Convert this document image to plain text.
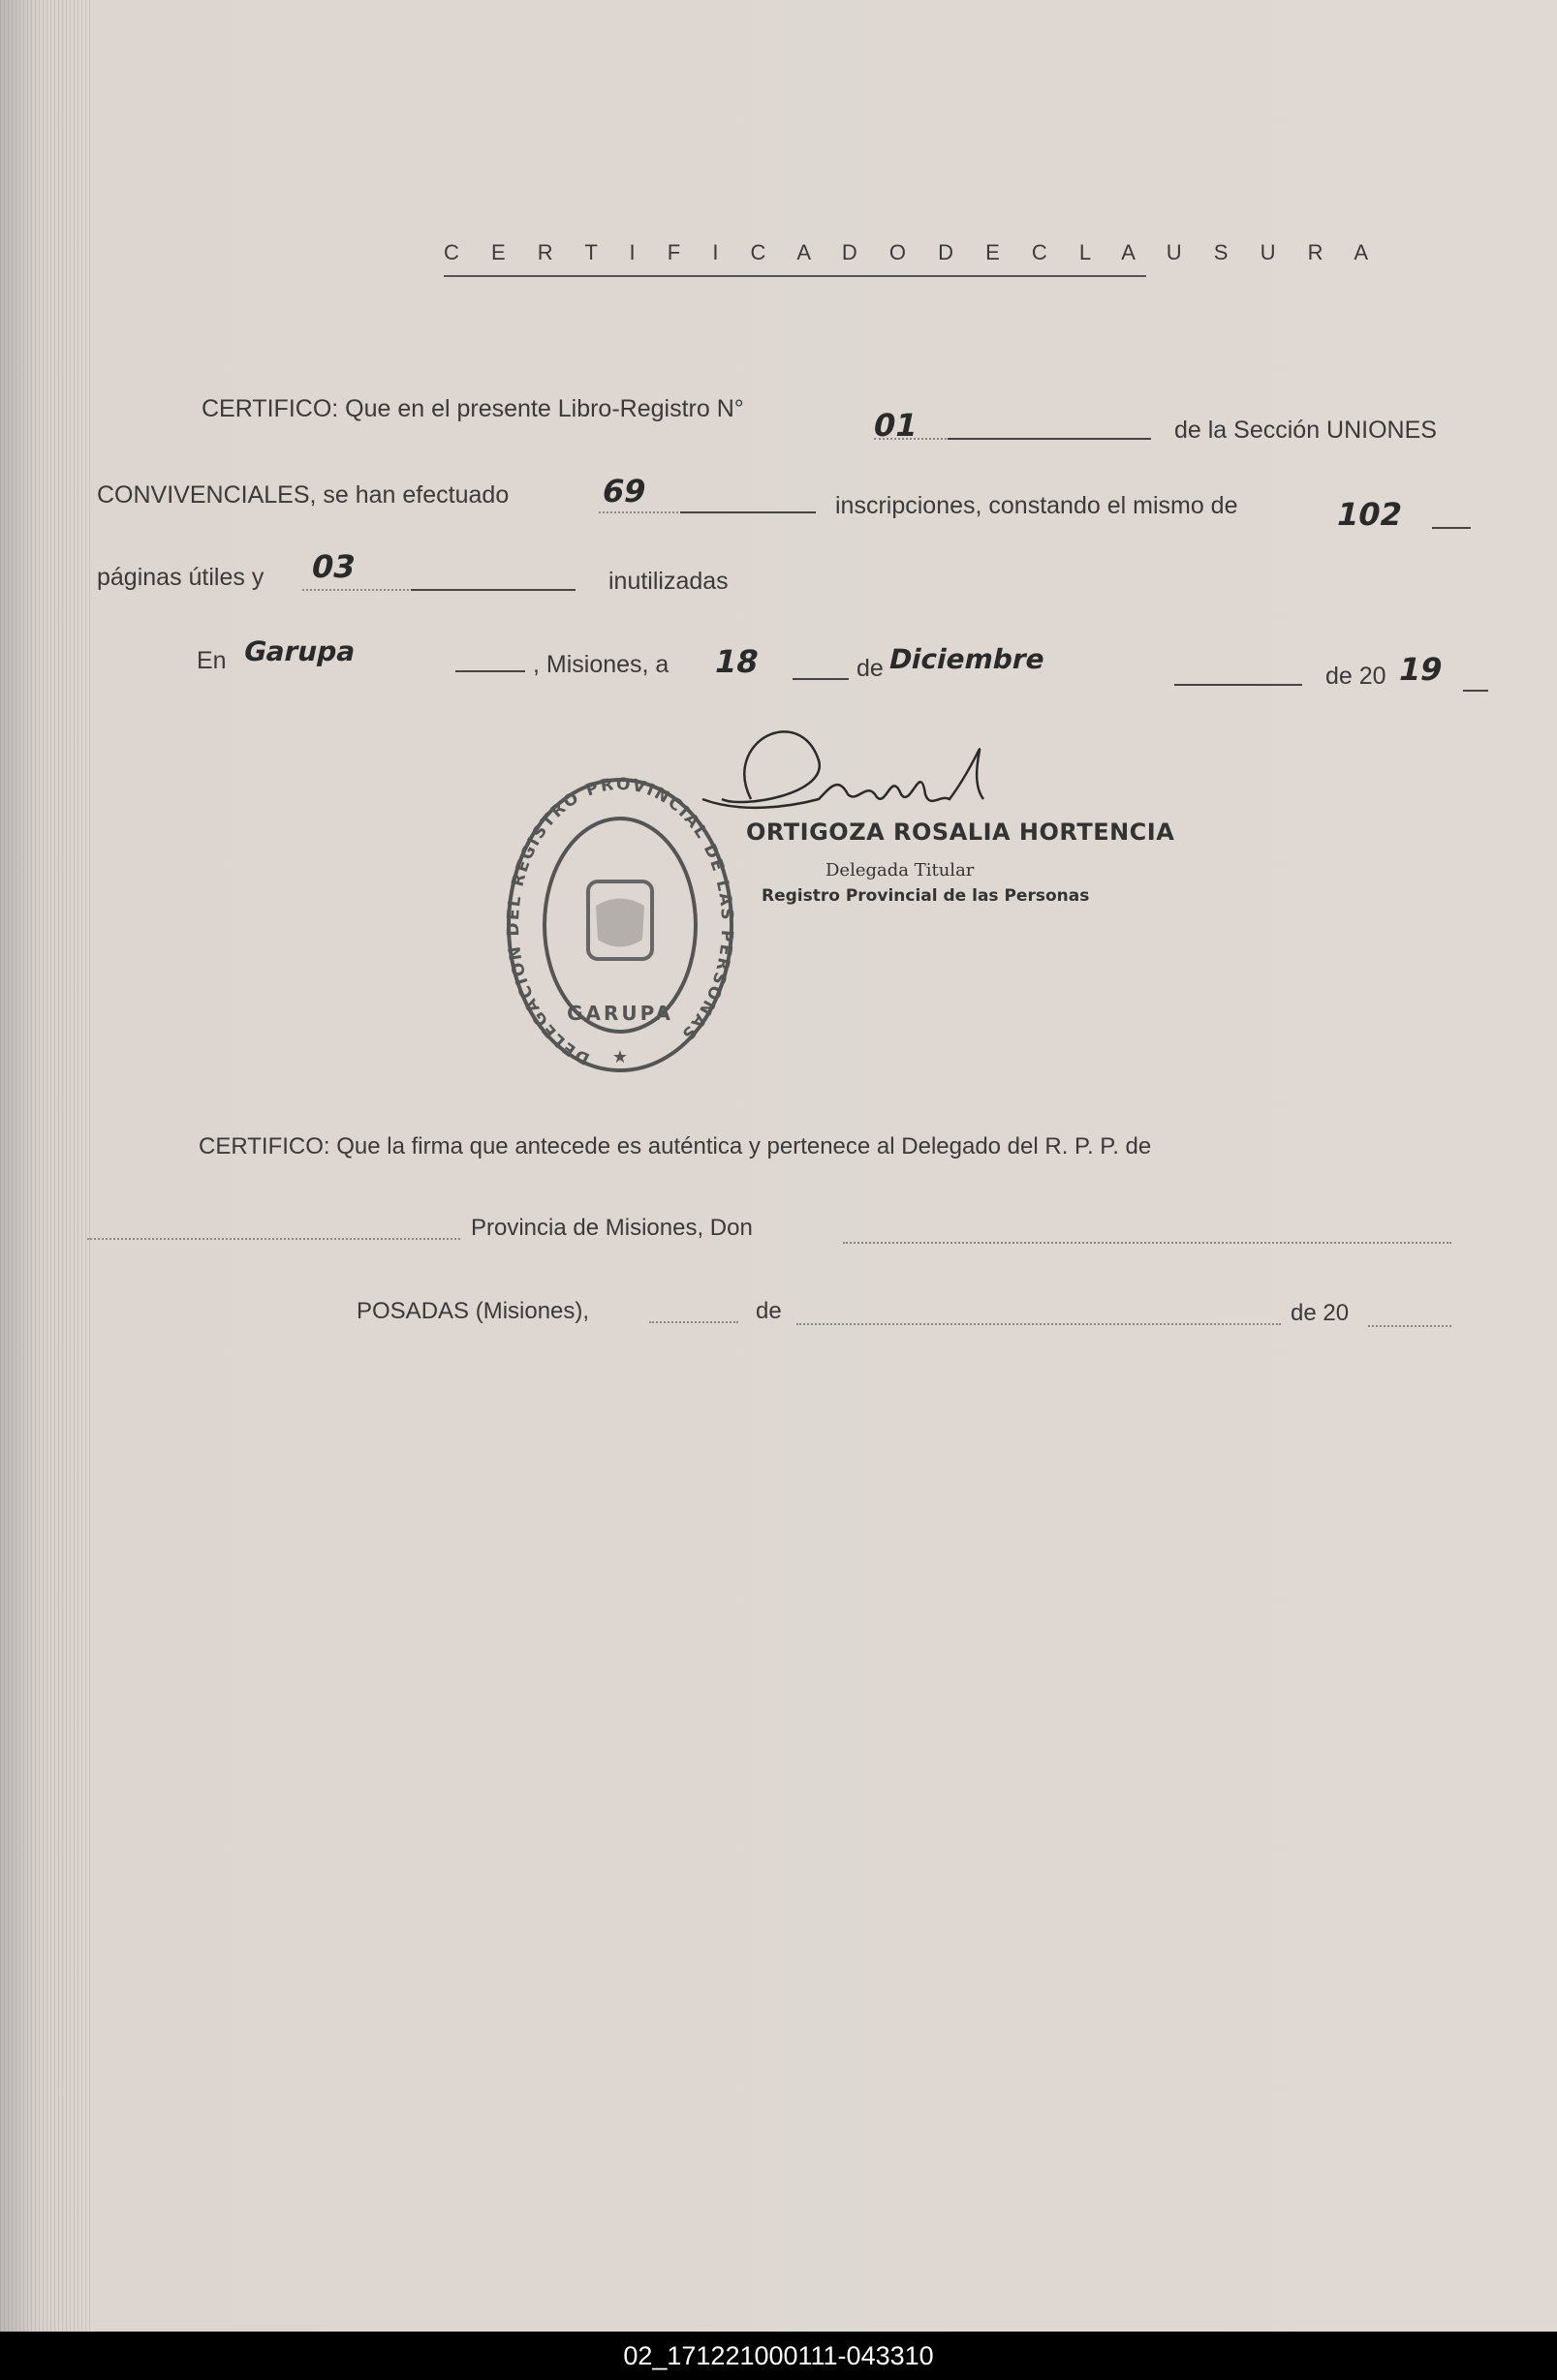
C E R T I F I C A D O D E C L A U S U R A
CERTIFICO: Que en el presente Libro-Registro N°	01	de la Sección UNIONES
CONVIVENCIALES, se han efectuado	69	inscripciones, constando el mismo de	102
páginas útiles y 03	inutilizadas
En Garupa	, Misiones, a 18	de Diciembre
de 20 19
DELEGACION DEL REGISTRO PROVINCIAL DE LAS PERSONAS
GARUPA
★
ORTIGOZA ROSALIA HORTENCIA
Delegada Titular
Registro Provincial de las Personas
CERTIFICO: Que la firma que antecede es auténtica y pertenece al Delegado del R. P. P. de
Provincia de Misiones, Don
POSADAS (Misiones),	de	de 20
02_171221000111-043310
